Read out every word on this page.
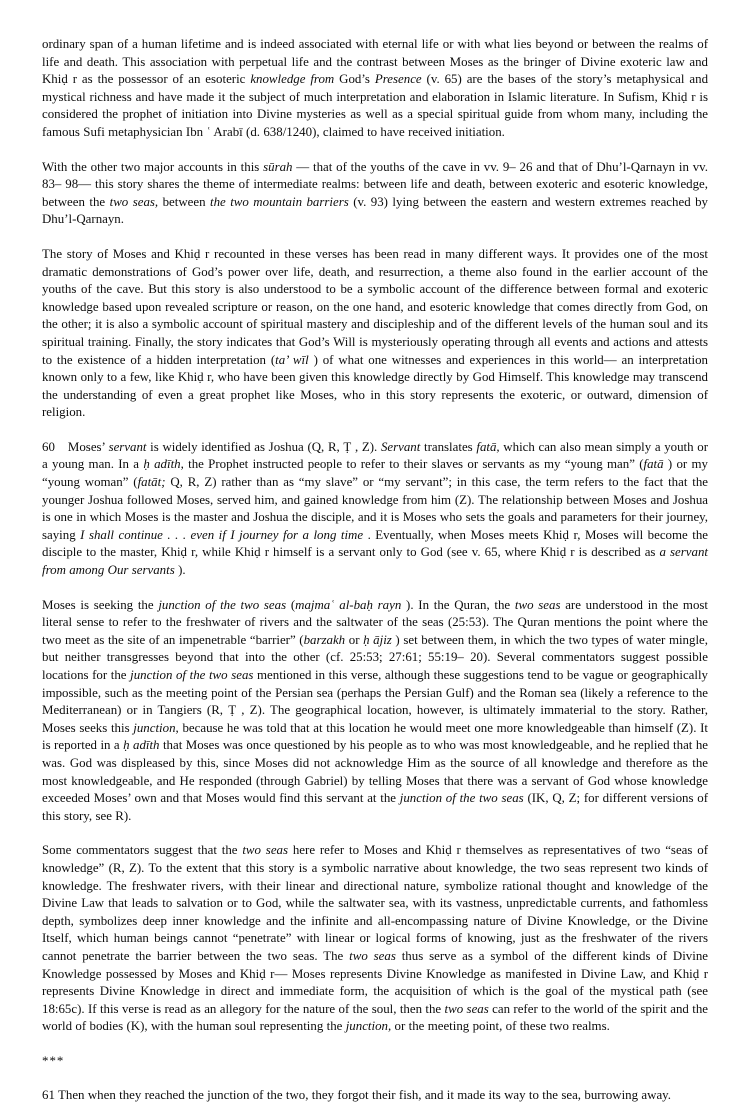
ordinary span of a human lifetime and is indeed associated with eternal life or with what lies beyond or between the realms of life and death. This association with perpetual life and the contrast between Moses as the bringer of Divine exoteric law and Khiḍ r as the possessor of an esoteric knowledge from God’s Presence (v. 65) are the bases of the story’s metaphysical and mystical richness and have made it the subject of much interpretation and elaboration in Islamic literature. In Sufism, Khiḍ r is considered the prophet of initiation into Divine mysteries as well as a special spiritual guide from whom many, including the famous Sufi metaphysician Ibn ʿ Arabī (d. 638/1240), claimed to have received initiation.

With the other two major accounts in this sūrah — that of the youths of the cave in vv. 9– 26 and that of Dhu’l-Qarnayn in vv. 83– 98— this story shares the theme of intermediate realms: between life and death, between exoteric and esoteric knowledge, between the two seas, between the two mountain barriers (v. 93) lying between the eastern and western extremes reached by Dhu’l-Qarnayn.

The story of Moses and Khiḍ r recounted in these verses has been read in many different ways. It provides one of the most dramatic demonstrations of God’s power over life, death, and resurrection, a theme also found in the earlier account of the youths of the cave. But this story is also understood to be a symbolic account of the difference between formal and exoteric knowledge based upon revealed scripture or reason, on the one hand, and esoteric knowledge that comes directly from God, on the other; it is also a symbolic account of spiritual mastery and discipleship and of the different levels of the human soul and its spiritual training. Finally, the story indicates that God’s Will is mysteriously operating through all events and actions and attests to the existence of a hidden interpretation (ta’ wīl ) of what one witnesses and experiences in this world— an interpretation known only to a few, like Khiḍ r, who have been given this knowledge directly by God Himself. This knowledge may transcend the understanding of even a great prophet like Moses, who in this story represents the exoteric, or outward, dimension of religion.

60 Moses’ servant is widely identified as Joshua (Q, R, Ṭ , Z). Servant translates fatā, which can also mean simply a youth or a young man. In a ḥ adīth, the Prophet instructed people to refer to their slaves or servants as my “young man” (fatā ) or my “young woman” (fatāt; Q, R, Z) rather than as “my slave” or “my servant”; in this case, the term refers to the fact that the younger Joshua followed Moses, served him, and gained knowledge from him (Z). The relationship between Moses and Joshua is one in which Moses is the master and Joshua the disciple, and it is Moses who sets the goals and parameters for their journey, saying I shall continue . . . even if I journey for a long time . Eventually, when Moses meets Khiḍ r, Moses will become the disciple to the master, Khiḍ r, while Khiḍ r himself is a servant only to God (see v. 65, where Khiḍ r is described as a servant from among Our servants ).

Moses is seeking the junction of the two seas (majmaʿ al-baḥ rayn ). In the Quran, the two seas are understood in the most literal sense to refer to the freshwater of rivers and the saltwater of the seas (25:53). The Quran mentions the point where the two meet as the site of an impenetrable “barrier” (barzakh or ḥ ājiz ) set between them, in which the two types of water mingle, but neither transgresses beyond that into the other (cf. 25:53; 27:61; 55:19– 20). Several commentators suggest possible locations for the junction of the two seas mentioned in this verse, although these suggestions tend to be vague or geographically impossible, such as the meeting point of the Persian sea (perhaps the Persian Gulf) and the Roman sea (likely a reference to the Mediterranean) or in Tangiers (R, Ṭ , Z). The geographical location, however, is ultimately immaterial to the story. Rather, Moses seeks this junction, because he was told that at this location he would meet one more knowledgeable than himself (Z). It is reported in a ḥ adīth that Moses was once questioned by his people as to who was most knowledgeable, and he replied that he was. God was displeased by this, since Moses did not acknowledge Him as the source of all knowledge and therefore as the most knowledgeable, and He responded (through Gabriel) by telling Moses that there was a servant of God whose knowledge exceeded Moses’ own and that Moses would find this servant at the junction of the two seas (IK, Q, Z; for different versions of this story, see R).

Some commentators suggest that the two seas here refer to Moses and Khiḍ r themselves as representatives of two “seas of knowledge” (R, Z). To the extent that this story is a symbolic narrative about knowledge, the two seas represent two kinds of knowledge. The freshwater rivers, with their linear and directional nature, symbolize rational thought and knowledge of the Divine Law that leads to salvation or to God, while the saltwater sea, with its vastness, unpredictable currents, and fathomless depth, symbolizes deep inner knowledge and the infinite and all-encompassing nature of Divine Knowledge, or the Divine Itself, which human beings cannot “penetrate” with linear or logical forms of knowing, just as the freshwater of the rivers cannot penetrate the barrier between the two seas. The two seas thus serve as a symbol of the different kinds of Divine Knowledge possessed by Moses and Khiḍ r— Moses represents Divine Knowledge as manifested in Divine Law, and Khiḍ r represents Divine Knowledge in direct and immediate form, the acquisition of which is the goal of the mystical path (see 18:65c). If this verse is read as an allegory for the nature of the soul, then the two seas can refer to the world of the spirit and the world of bodies (K), with the human soul representing the junction, or the meeting point, of these two realms.

***

61 Then when they reached the junction of the two, they forgot their fish, and it made its way to the sea, burrowing away.
